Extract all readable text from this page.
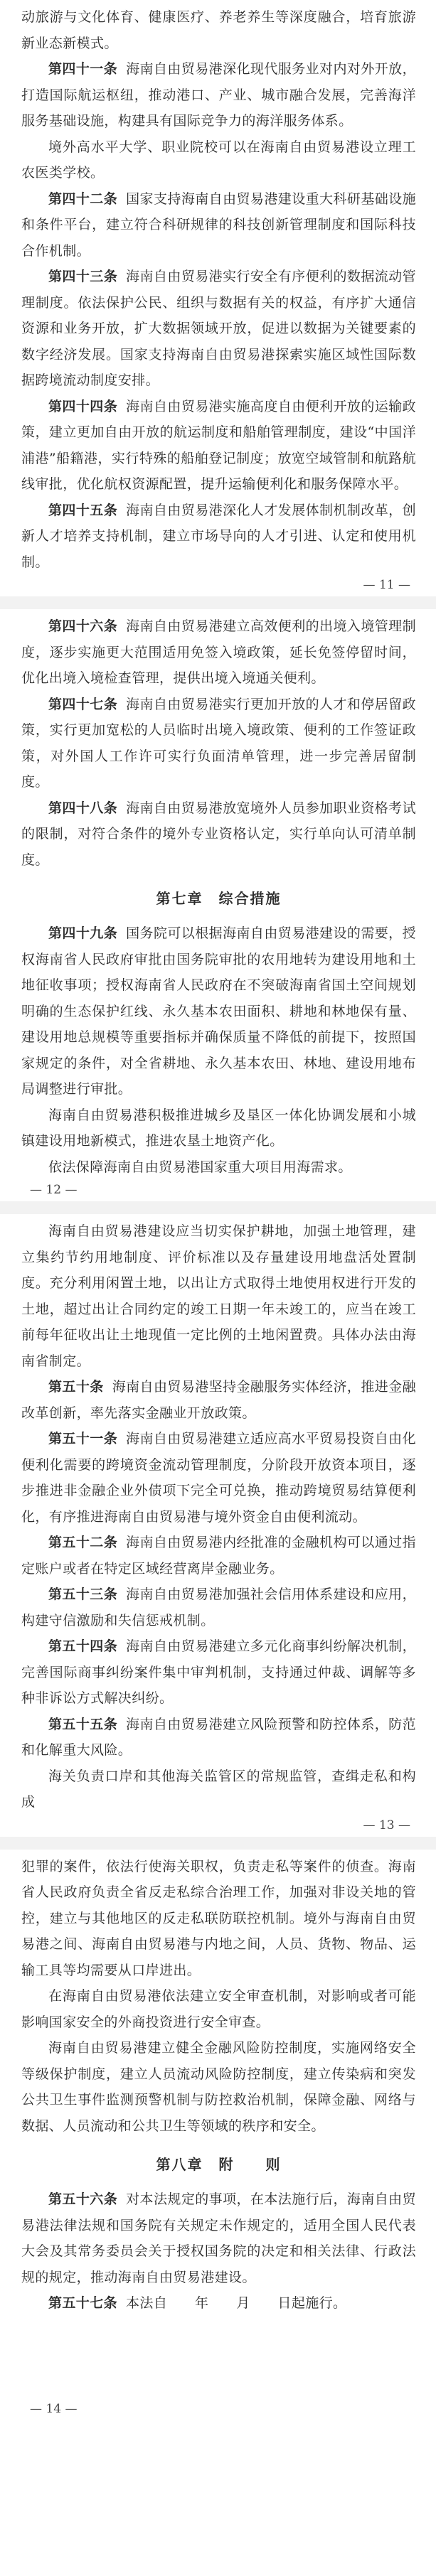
动旅游与文化体育、健康医疗、养老养生等深度融合，培育旅游新业态新模式。

第四十一条 海南自由贸易港深化现代服务业对内对外开放，打造国际航运枢纽，推动港口、产业、城市融合发展，完善海洋服务基础设施，构建具有国际竞争力的海洋服务体系。

境外高水平大学、职业院校可以在海南自由贸易港设立理工农医类学校。

第四十二条 国家支持海南自由贸易港建设重大科研基础设施和条件平台，建立符合科研规律的科技创新管理制度和国际科技合作机制。

第四十三条 海南自由贸易港实行安全有序便利的数据流动管理制度。依法保护公民、组织与数据有关的权益，有序扩大通信资源和业务开放，扩大数据领域开放，促进以数据为关键要素的数字经济发展。国家支持海南自由贸易港探索实施区域性国际数据跨境流动制度安排。

第四十四条 海南自由贸易港实施高度自由便利开放的运输政策，建立更加自由开放的航运制度和船舶管理制度，建设“中国洋浦港”船籍港，实行特殊的船舶登记制度；放宽空域管制和航路航线审批，优化航权资源配置，提升运输便利化和服务保障水平。

第四十五条 海南自由贸易港深化人才发展体制机制改革，创新人才培养支持机制，建立市场导向的人才引进、认定和使用机制。

— 11 —

第四十六条 海南自由贸易港建立高效便利的出境入境管理制度，逐步实施更大范围适用免签入境政策，延长免签停留时间，优化出境入境检查管理，提供出境入境通关便利。

第四十七条 海南自由贸易港实行更加开放的人才和停居留政策，实行更加宽松的人员临时出境入境政策、便利的工作签证政策，对外国人工作许可实行负面清单管理，进一步完善居留制度。

第四十八条 海南自由贸易港放宽境外人员参加职业资格考试的限制，对符合条件的境外专业资格认定，实行单向认可清单制度。

第七章　综合措施

第四十九条 国务院可以根据海南自由贸易港建设的需要，授权海南省人民政府审批由国务院审批的农用地转为建设用地和土地征收事项；授权海南省人民政府在不突破海南省国土空间规划明确的生态保护红线、永久基本农田面积、耕地和林地保有量、建设用地总规模等重要指标并确保质量不降低的前提下，按照国家规定的条件，对全省耕地、永久基本农田、林地、建设用地布局调整进行审批。

海南自由贸易港积极推进城乡及垦区一体化协调发展和小城镇建设用地新模式，推进农垦土地资产化。

依法保障海南自由贸易港国家重大项目用海需求。

— 12 —

海南自由贸易港建设应当切实保护耕地，加强土地管理，建立集约节约用地制度、评价标准以及存量建设用地盘活处置制度。充分利用闲置土地，以出让方式取得土地使用权进行开发的土地，超过出让合同约定的竣工日期一年未竣工的，应当在竣工前每年征收出让土地现值一定比例的土地闲置费。具体办法由海南省制定。

第五十条 海南自由贸易港坚持金融服务实体经济，推进金融改革创新，率先落实金融业开放政策。

第五十一条 海南自由贸易港建立适应高水平贸易投资自由化便利化需要的跨境资金流动管理制度，分阶段开放资本项目，逐步推进非金融企业外债项下完全可兑换，推动跨境贸易结算便利化，有序推进海南自由贸易港与境外资金自由便利流动。

第五十二条 海南自由贸易港内经批准的金融机构可以通过指定账户或者在特定区域经营离岸金融业务。

第五十三条 海南自由贸易港加强社会信用体系建设和应用，构建守信激励和失信惩戒机制。

第五十四条 海南自由贸易港建立多元化商事纠纷解决机制，完善国际商事纠纷案件集中审判机制，支持通过仲裁、调解等多种非诉讼方式解决纠纷。

第五十五条 海南自由贸易港建立风险预警和防控体系，防范和化解重大风险。

海关负责口岸和其他海关监管区的常规监管，查缉走私和构成

— 13 —

犯罪的案件，依法行使海关职权，负责走私等案件的侦查。海南省人民政府负责全省反走私综合治理工作，加强对非设关地的管控，建立与其他地区的反走私联防联控机制。境外与海南自由贸易港之间、海南自由贸易港与内地之间，人员、货物、物品、运输工具等均需要从口岸进出。

在海南自由贸易港依法建立安全审查机制，对影响或者可能影响国家安全的外商投资进行安全审查。

海南自由贸易港建立健全金融风险防控制度，实施网络安全等级保护制度，建立人员流动风险防控制度，建立传染病和突发公共卫生事件监测预警机制与防控救治机制，保障金融、网络与数据、人员流动和公共卫生等领域的秩序和安全。

第八章　附　　则

第五十六条 对本法规定的事项，在本法施行后，海南自由贸易港法律法规和国务院有关规定未作规定的，适用全国人民代表大会及其常务委员会关于授权国务院的决定和相关法律、行政法规的规定，推动海南自由贸易港建设。

第五十七条 本法自　　年　　月　　日起施行。

— 14 —
